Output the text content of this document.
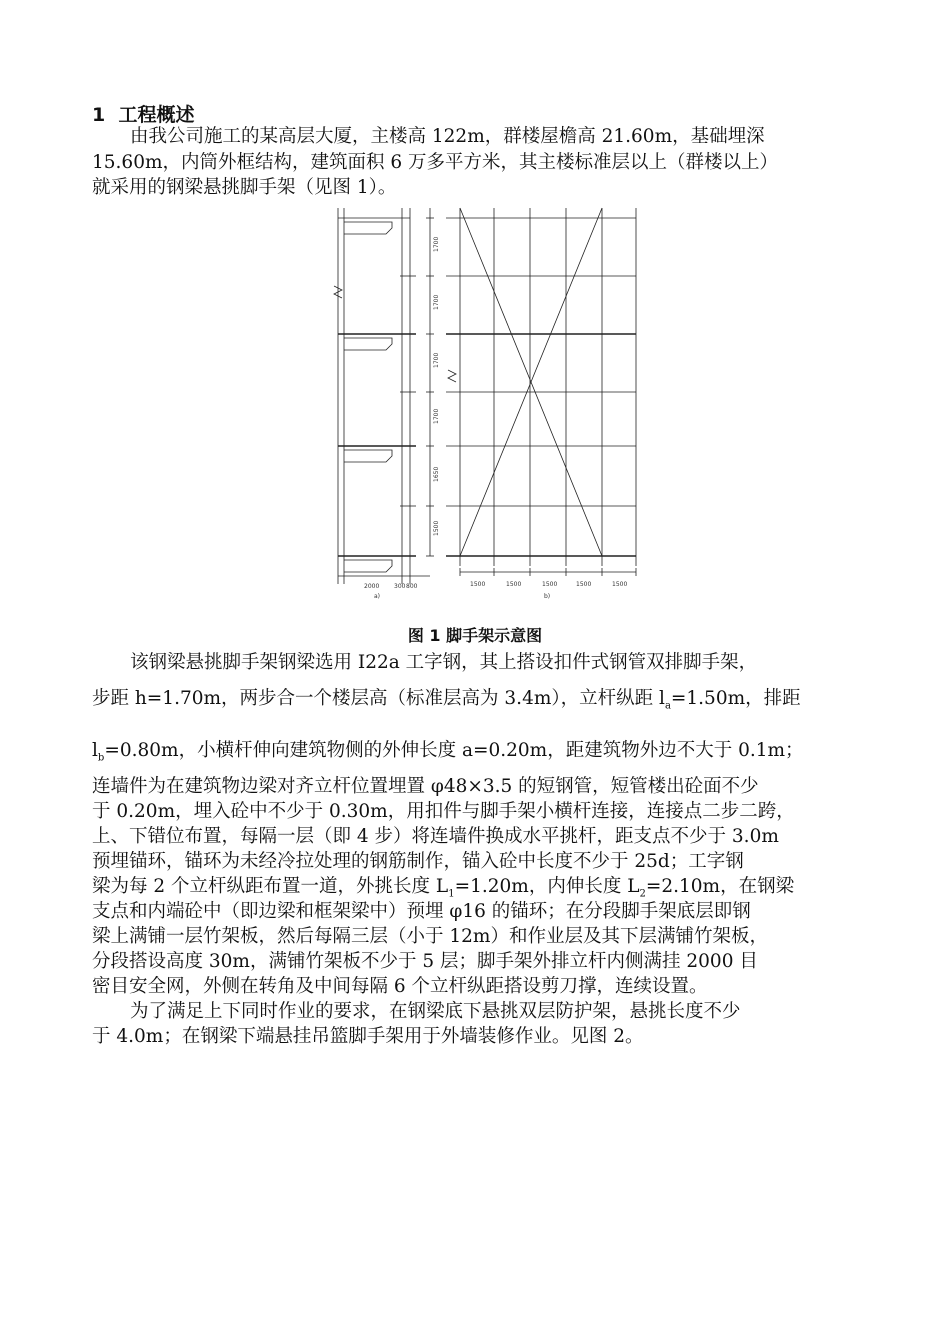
1 工程概述
由我公司施工的某高层大厦，主楼高 122m，群楼屋檐高 21.60m，基础埋深
15.60m，内筒外框结构，建筑面积 6 万多平方米，其主楼标准层以上（群楼以上）
就采用的钢梁悬挑脚手架（见图 1）。
1700
1700
1700
1700
1650
1500
2000 300 800
a)
1500	1500	1500	1500	1500
b)
图 1 脚手架示意图
该钢梁悬挑脚手架钢梁选用 I22a 工字钢，其上搭设扣件式钢管双排脚手架，
步距 h=1.70m，两步合一个楼层高（标准层高为 3.4m），立杆纵距 $l_a=1.50m$，排距
$l_b=0.80m$，小横杆伸向建筑物侧的外伸长度 a=0.20m，距建筑物外边不大于 0.1m；
连墙件为在建筑物边梁对齐立杆位置埋置 φ48×3.5 的短钢管，短管楼出砼面不少
于 0.20m，埋入砼中不少于 0.30m，用扣件与脚手架小横杆连接，连接点二步二跨，
上、下错位布置，每隔一层（即 4 步）将连墙件换成水平挑杆，距支点不少于 3.0m
预埋锚环，锚环为未经冷拉处理的钢筋制作，锚入砼中长度不少于 25d；工字钢
梁为每 2 个立杆纵距布置一道，外挑长度 $L_1=1.20m$，内伸长度 $L_2=2.10m$，在钢梁
支点和内端砼中（即边梁和框架梁中）预埋 φ16 的锚环；在分段脚手架底层即钢
梁上满铺一层竹架板，然后每隔三层（小于 12m）和作业层及其下层满铺竹架板，
分段搭设高度 30m，满铺竹架板不少于 5 层；脚手架外排立杆内侧满挂 2000 目
密目安全网，外侧在转角及中间每隔 6 个立杆纵距搭设剪刀撑，连续设置。
为了满足上下同时作业的要求，在钢梁底下悬挑双层防护架，悬挑长度不少
于 4.0m；在钢梁下端悬挂吊篮脚手架用于外墙装修作业。见图 2。
